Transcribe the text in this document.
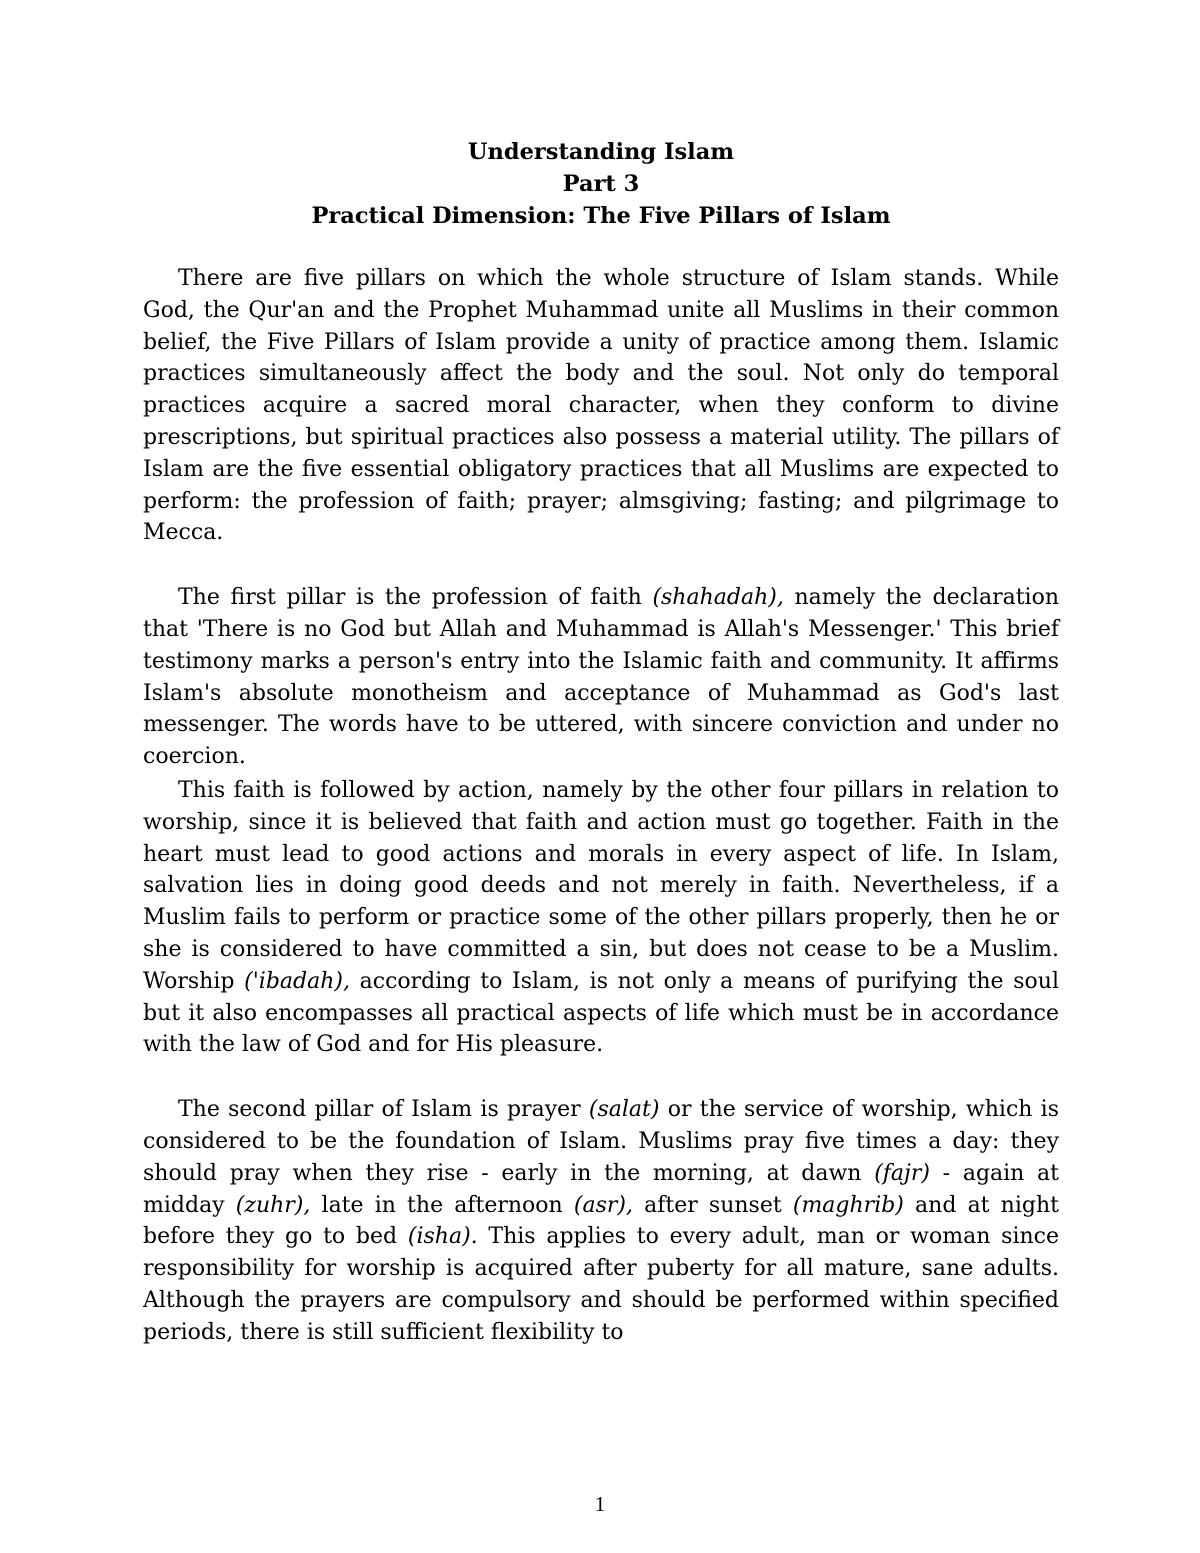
Understanding Islam
Part 3
Practical Dimension: The Five Pillars of Islam

There are five pillars on which the whole structure of Islam stands. While God, the Qur'an and the Prophet Muhammad unite all Muslims in their common belief, the Five Pillars of Islam provide a unity of practice among them. Islamic practices simultaneously affect the body and the soul. Not only do temporal practices acquire a sacred moral character, when they conform to divine prescriptions, but spiritual practices also possess a material utility. The pillars of Islam are the five essential obligatory practices that all Muslims are expected to perform: the profession of faith; prayer; almsgiving; fasting; and pilgrimage to Mecca.

The first pillar is the profession of faith (shahadah), namely the declaration that 'There is no God but Allah and Muhammad is Allah's Messenger.' This brief testimony marks a person's entry into the Islamic faith and community. It affirms Islam's absolute monotheism and acceptance of Muhammad as God's last messenger. The words have to be uttered, with sincere conviction and under no coercion.

This faith is followed by action, namely by the other four pillars in relation to worship, since it is believed that faith and action must go together. Faith in the heart must lead to good actions and morals in every aspect of life. In Islam, salvation lies in doing good deeds and not merely in faith. Nevertheless, if a Muslim fails to perform or practice some of the other pillars properly, then he or she is considered to have committed a sin, but does not cease to be a Muslim. Worship ('ibadah), according to Islam, is not only a means of purifying the soul but it also encompasses all practical aspects of life which must be in accordance with the law of God and for His pleasure.

The second pillar of Islam is prayer (salat) or the service of worship, which is considered to be the foundation of Islam. Muslims pray five times a day: they should pray when they rise - early in the morning, at dawn (fajr) - again at midday (zuhr), late in the afternoon (asr), after sunset (maghrib) and at night before they go to bed (isha). This applies to every adult, man or woman since responsibility for worship is acquired after puberty for all mature, sane adults. Although the prayers are compulsory and should be performed within specified periods, there is still sufficient flexibility to

1
